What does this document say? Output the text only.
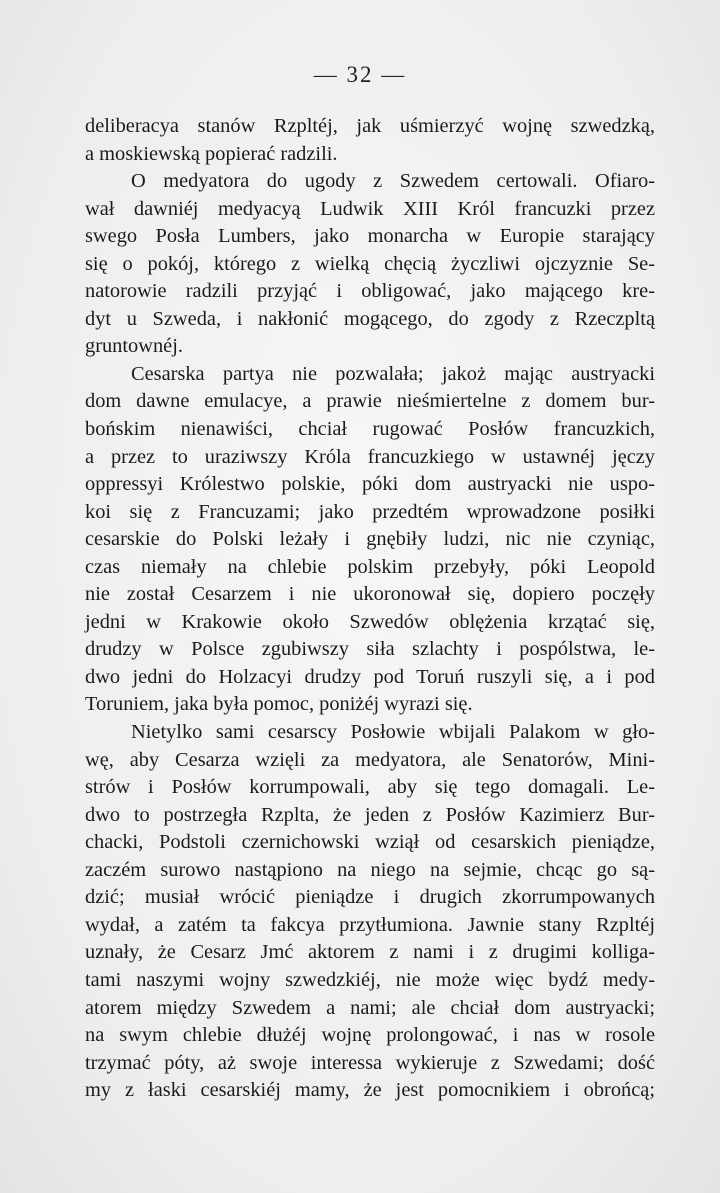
— 32 —
deliberacya stanów Rzpltéj, jak uśmierzyć wojnę szwedzką,
a moskiewską popierać radzili.
O medyatora do ugody z Szwedem certowali. Ofiaro-
wał dawniéj medyacyą Ludwik XIII Król francuzki przez
swego Posła Lumbers, jako monarcha w Europie starający
się o pokój, którego z wielką chęcią życzliwi ojczyznie Se-
natorowie radzili przyjąć i obligować, jako mającego kre-
dyt u Szweda, i nakłonić mogącego, do zgody z Rzeczpltą
gruntownéj.
Cesarska partya nie pozwalała; jakoż mając austryacki
dom dawne emulacye, a prawie nieśmiertelne z domem bur-
bońskim nienawiści, chciał rugować Posłów francuzkich,
a przez to uraziwszy Króla francuzkiego w ustawnéj jęczy
oppressyi Królestwo polskie, póki dom austryacki nie uspo-
koi się z Francuzami; jako przedtém wprowadzone posiłki
cesarskie do Polski leżały i gnębiły ludzi, nic nie czyniąc,
czas niemały na chlebie polskim przebyły, póki Leopold
nie został Cesarzem i nie ukoronował się, dopiero poczęły
jedni w Krakowie około Szwedów oblężenia krzątać się,
drudzy w Polsce zgubiwszy siła szlachty i pospólstwa, le-
dwo jedni do Holzacyi drudzy pod Toruń ruszyli się, a i pod
Toruniem, jaka była pomoc, poniżéj wyrazi się.
Nietylko sami cesarscy Posłowie wbijali Palakom w gło-
wę, aby Cesarza wzięli za medyatora, ale Senatorów, Mini-
strów i Posłów korrumpowali, aby się tego domagali. Le-
dwo to postrzegła Rzplta, że jeden z Posłów Kazimierz Bur-
chacki, Podstoli czernichowski wziął od cesarskich pieniądze,
zaczém surowo nastąpiono na niego na sejmie, chcąc go są-
dzić; musiał wrócić pieniądze i drugich zkorrumpowanych
wydał, a zatém ta fakcya przytłumiona. Jawnie stany Rzpltéj
uznały, że Cesarz Jmć aktorem z nami i z drugimi kolliga-
tami naszymi wojny szwedzkiéj, nie może więc bydź medy-
atorem między Szwedem a nami; ale chciał dom austryacki;
na swym chlebie dłużéj wojnę prolongować, i nas w rosole
trzymać póty, aż swoje interessa wykieruje z Szwedami; dość
my z łaski cesarskiéj mamy, że jest pomocnikiem i obrońcą;
